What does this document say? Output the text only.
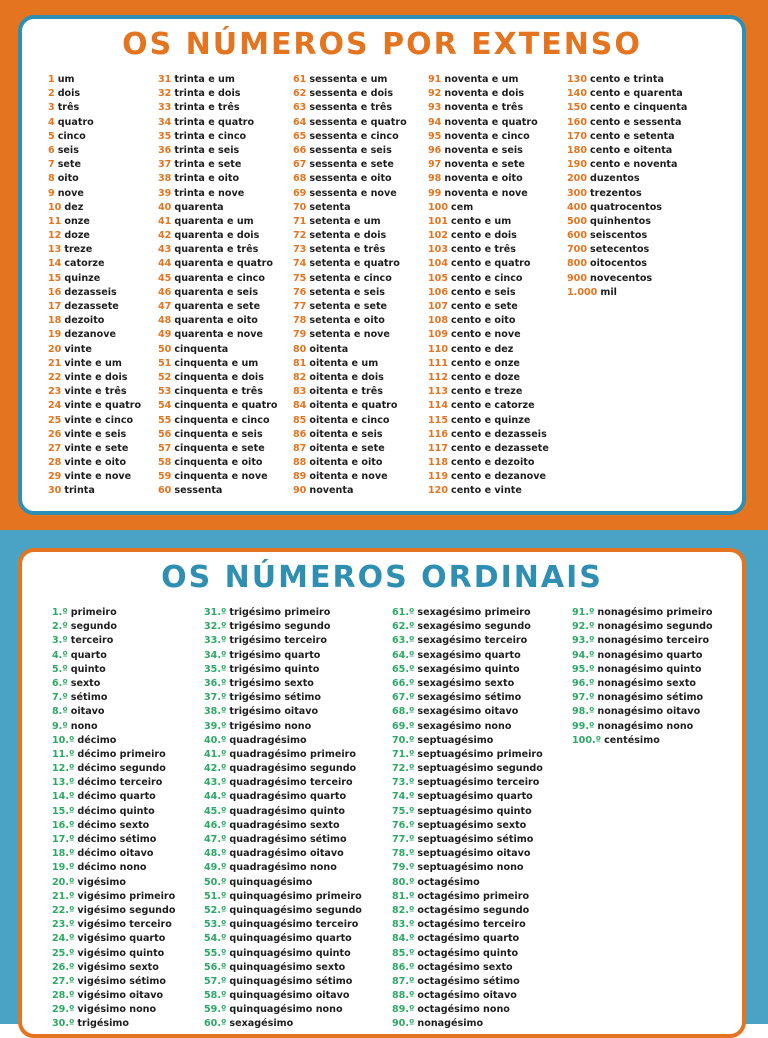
OS NÚMEROS POR EXTENSO
1 um
2 dois
3 três
4 quatro
5 cinco
6 seis
7 sete
8 oito
9 nove
10 dez
11 onze
12 doze
13 treze
14 catorze
15 quinze
16 dezasseis
17 dezassete
18 dezoito
19 dezanove
20 vinte
21 vinte e um
22 vinte e dois
23 vinte e três
24 vinte e quatro
25 vinte e cinco
26 vinte e seis
27 vinte e sete
28 vinte e oito
29 vinte e nove
30 trinta
31 trinta e um
32 trinta e dois
33 trinta e três
34 trinta e quatro
35 trinta e cinco
36 trinta e seis
37 trinta e sete
38 trinta e oito
39 trinta e nove
40 quarenta
41 quarenta e um
42 quarenta e dois
43 quarenta e três
44 quarenta e quatro
45 quarenta e cinco
46 quarenta e seis
47 quarenta e sete
48 quarenta e oito
49 quarenta e nove
50 cinquenta
51 cinquenta e um
52 cinquenta e dois
53 cinquenta e três
54 cinquenta e quatro
55 cinquenta e cinco
56 cinquenta e seis
57 cinquenta e sete
58 cinquenta e oito
59 cinquenta e nove
60 sessenta
61 sessenta e um
62 sessenta e dois
63 sessenta e três
64 sessenta e quatro
65 sessenta e cinco
66 sessenta e seis
67 sessenta e sete
68 sessenta e oito
69 sessenta e nove
70 setenta
71 setenta e um
72 setenta e dois
73 setenta e três
74 setenta e quatro
75 setenta e cinco
76 setenta e seis
77 setenta e sete
78 setenta e oito
79 setenta e nove
80 oitenta
81 oitenta e um
82 oitenta e dois
83 oitenta e três
84 oitenta e quatro
85 oitenta e cinco
86 oitenta e seis
87 oitenta e sete
88 oitenta e oito
89 oitenta e nove
90 noventa
91 noventa e um
92 noventa e dois
93 noventa e três
94 noventa e quatro
95 noventa e cinco
96 noventa e seis
97 noventa e sete
98 noventa e oito
99 noventa e nove
100 cem
101 cento e um
102 cento e dois
103 cento e três
104 cento e quatro
105 cento e cinco
106 cento e seis
107 cento e sete
108 cento e oito
109 cento e nove
110 cento e dez
111 cento e onze
112 cento e doze
113 cento e treze
114 cento e catorze
115 cento e quinze
116 cento e dezasseis
117 cento e dezassete
118 cento e dezoito
119 cento e dezanove
120 cento e vinte
130 cento e trinta
140 cento e quarenta
150 cento e cinquenta
160 cento e sessenta
170 cento e setenta
180 cento e oitenta
190 cento e noventa
200 duzentos
300 trezentos
400 quatrocentos
500 quinhentos
600 seiscentos
700 setecentos
800 oitocentos
900 novecentos
1.000 mil
OS NÚMEROS ORDINAIS
1.º primeiro
2.º segundo
3.º terceiro
4.º quarto
5.º quinto
6.º sexto
7.º sétimo
8.º oitavo
9.º nono
10.º décimo
11.º décimo primeiro
12.º décimo segundo
13.º décimo terceiro
14.º décimo quarto
15.º décimo quinto
16.º décimo sexto
17.º décimo sétimo
18.º décimo oitavo
19.º décimo nono
20.º vigésimo
21.º vigésimo primeiro
22.º vigésimo segundo
23.º vigésimo terceiro
24.º vigésimo quarto
25.º vigésimo quinto
26.º vigésimo sexto
27.º vigésimo sétimo
28.º vigésimo oitavo
29.º vigésimo nono
30.º trigésimo
31.º trigésimo primeiro
32.º trigésimo segundo
33.º trigésimo terceiro
34.º trigésimo quarto
35.º trigésimo quinto
36.º trigésimo sexto
37.º trigésimo sétimo
38.º trigésimo oitavo
39.º trigésimo nono
40.º quadragésimo
41.º quadragésimo primeiro
42.º quadragésimo segundo
43.º quadragésimo terceiro
44.º quadragésimo quarto
45.º quadragésimo quinto
46.º quadragésimo sexto
47.º quadragésimo sétimo
48.º quadragésimo oitavo
49.º quadragésimo nono
50.º quinquagésimo
51.º quinquagésimo primeiro
52.º quinquagésimo segundo
53.º quinquagésimo terceiro
54.º quinquagésimo quarto
55.º quinquagésimo quinto
56.º quinquagésimo sexto
57.º quinquagésimo sétimo
58.º quinquagésimo oitavo
59.º quinquagésimo nono
60.º sexagésimo
61.º sexagésimo primeiro
62.º sexagésimo segundo
63.º sexagésimo terceiro
64.º sexagésimo quarto
65.º sexagésimo quinto
66.º sexagésimo sexto
67.º sexagésimo sétimo
68.º sexagésimo oitavo
69.º sexagésimo nono
70.º septuagésimo
71.º septuagésimo primeiro
72.º septuagésimo segundo
73.º septuagésimo terceiro
74.º septuagésimo quarto
75.º septuagésimo quinto
76.º septuagésimo sexto
77.º septuagésimo sétimo
78.º septuagésimo oitavo
79.º septuagésimo nono
80.º octagésimo
81.º octagésimo primeiro
82.º octagésimo segundo
83.º octagésimo terceiro
84.º octagésimo quarto
85.º octagésimo quinto
86.º octagésimo sexto
87.º octagésimo sétimo
88.º octagésimo oitavo
89.º octagésimo nono
90.º nonagésimo
91.º nonagésimo primeiro
92.º nonagésimo segundo
93.º nonagésimo terceiro
94.º nonagésimo quarto
95.º nonagésimo quinto
96.º nonagésimo sexto
97.º nonagésimo sétimo
98.º nonagésimo oitavo
99.º nonagésimo nono
100.º centésimo
